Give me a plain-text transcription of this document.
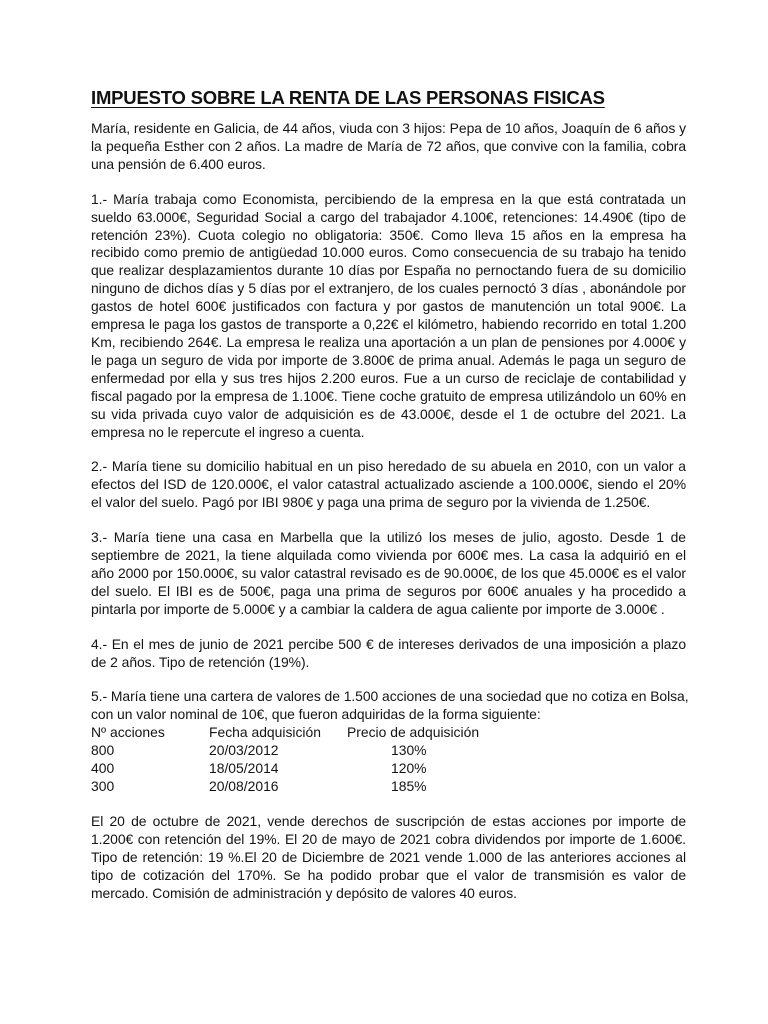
IMPUESTO SOBRE LA RENTA DE LAS PERSONAS FISICAS

María, residente en Galicia, de 44 años, viuda con 3 hijos: Pepa de 10 años, Joaquín de 6 años y la pequeña Esther con 2 años. La madre de María de 72 años, que convive con la familia, cobra una pensión de 6.400 euros.

1.- María trabaja como Economista, percibiendo de la empresa en la que está contratada un sueldo 63.000€, Seguridad Social a cargo del trabajador 4.100€, retenciones: 14.490€ (tipo de retención 23%). Cuota colegio no obligatoria: 350€. Como lleva 15 años en la empresa ha recibido como premio de antigüedad 10.000 euros. Como consecuencia de su trabajo ha tenido que realizar desplazamientos durante 10 días por España no pernoctando fuera de su domicilio ninguno de dichos días y 5 días por el extranjero, de los cuales pernoctó 3 días , abonándole por gastos de hotel 600€ justificados con factura y por gastos de manutención un total 900€. La empresa le paga los gastos de transporte a 0,22€ el kilómetro, habiendo recorrido en total 1.200 Km, recibiendo 264€. La empresa le realiza una aportación a un plan de pensiones por 4.000€ y le paga un seguro de vida por importe de 3.800€ de prima anual. Además le paga un seguro de enfermedad por ella y sus tres hijos 2.200 euros. Fue a un curso de reciclaje de contabilidad y fiscal pagado por la empresa de 1.100€. Tiene coche gratuito de empresa utilizándolo un 60% en su vida privada cuyo valor de adquisición es de 43.000€, desde el 1 de octubre del 2021. La empresa no le repercute el ingreso a cuenta.

2.- María tiene su domicilio habitual en un piso heredado de su abuela en 2010, con un valor a efectos del ISD de 120.000€, el valor catastral actualizado asciende a 100.000€, siendo el 20% el valor del suelo. Pagó por IBI 980€ y paga una prima de seguro por la vivienda de 1.250€.

3.- María tiene una casa en Marbella que la utilizó los meses de julio, agosto. Desde 1 de septiembre de 2021, la tiene alquilada como vivienda por 600€ mes. La casa la adquirió en el año 2000 por 150.000€, su valor catastral revisado es de 90.000€, de los que 45.000€ es el valor del suelo. El IBI es de 500€, paga una prima de seguros por 600€ anuales y ha procedido a pintarla por importe de 5.000€ y a cambiar la caldera de agua caliente por importe de 3.000€ .

4.- En el mes de junio de 2021 percibe 500 € de intereses derivados de una imposición a plazo de 2 años. Tipo de retención (19%).

5.- María tiene una cartera de valores de 1.500 acciones de una sociedad que no cotiza en Bolsa,

con un valor nominal de 10€, que fueron adquiridas de la forma siguiente:

Nº acciones	Fecha adquisición	Precio de adquisición
800	20/03/2012	130%
400	18/05/2014	120%
300	20/08/2016	185%

El 20 de octubre de 2021, vende derechos de suscripción de estas acciones por importe de 1.200€ con retención del 19%. El 20 de mayo de 2021 cobra dividendos por importe de 1.600€. Tipo de retención: 19 %.El 20 de Diciembre de 2021 vende 1.000 de las anteriores acciones al tipo de cotización del 170%. Se ha podido probar que el valor de transmisión es valor de mercado. Comisión de administración y depósito de valores 40 euros.
